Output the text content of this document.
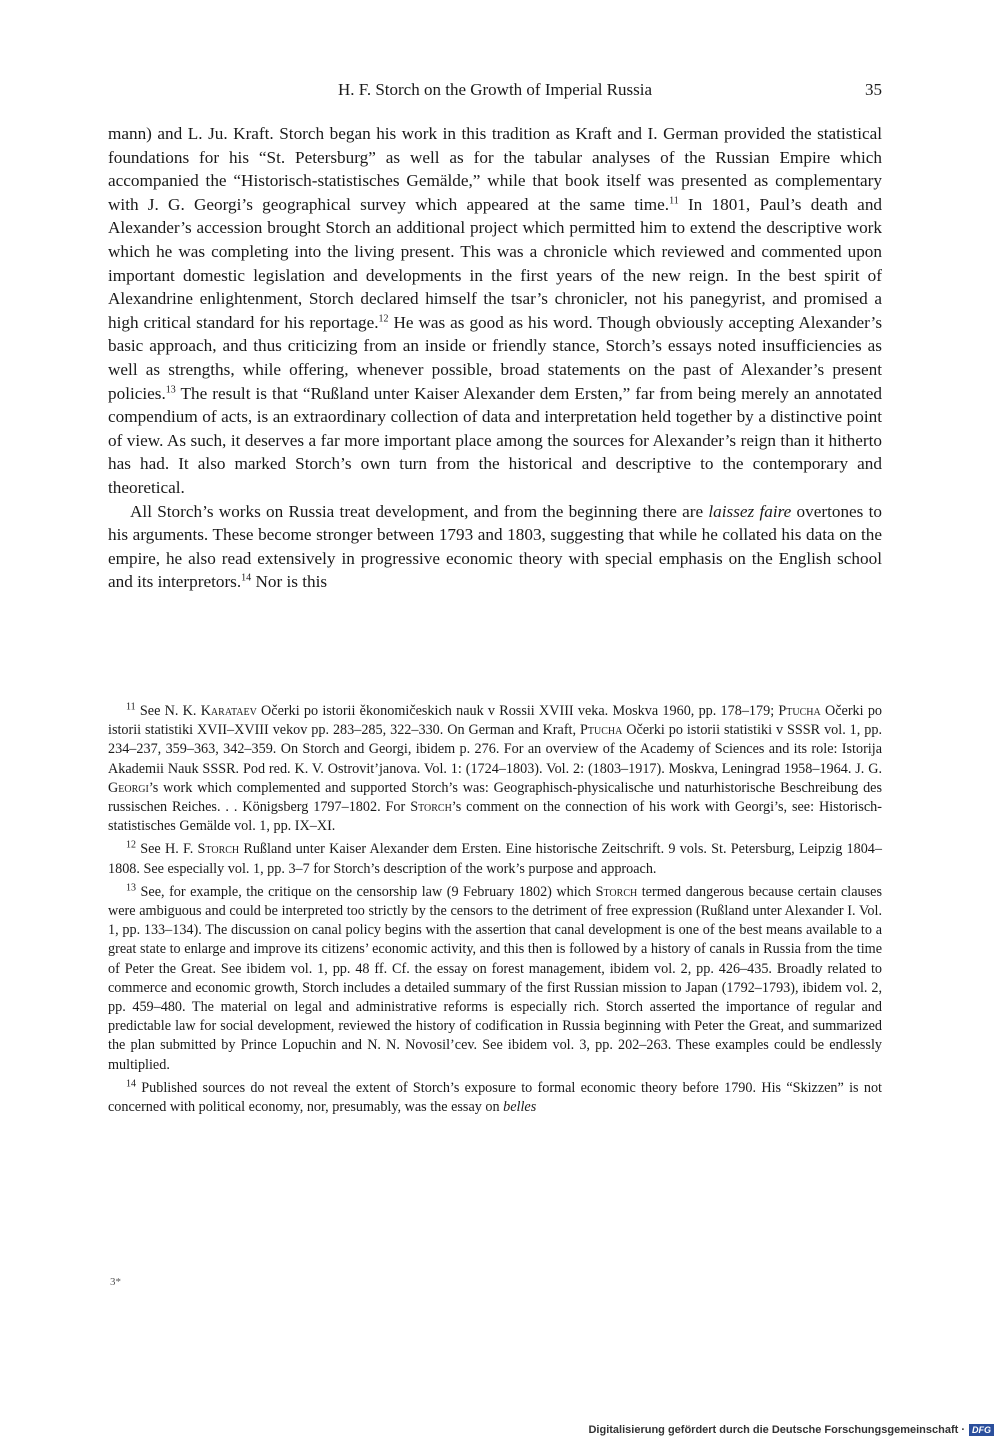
H. F. Storch on the Growth of Imperial Russia	35

mann) and L. Ju. Kraft. Storch began his work in this tradition as Kraft and I. German provided the statistical foundations for his “St. Petersburg” as well as for the tabular analyses of the Russian Empire which accompanied the “Historisch-statistisches Gemälde,” while that book itself was presented as complementary with J. G. Georgi’s geographical survey which appeared at the same time.$^{11}$ In 1801, Paul’s death and Alexander’s accession brought Storch an additional project which permitted him to extend the descriptive work which he was completing into the living present. This was a chronicle which reviewed and commented upon important domestic legislation and developments in the first years of the new reign. In the best spirit of Alexandrine enlightenment, Storch declared himself the tsar’s chronicler, not his panegyrist, and promised a high critical standard for his reportage.$^{12}$ He was as good as his word. Though obviously accepting Alexander’s basic approach, and thus criticizing from an inside or friendly stance, Storch’s essays noted insufficiencies as well as strengths, while offering, whenever possible, broad statements on the past of Alexander’s present policies.$^{13}$ The result is that “Rußland unter Kaiser Alexander dem Ersten,” far from being merely an annotated compendium of acts, is an extraordinary collection of data and interpretation held together by a distinctive point of view. As such, it deserves a far more important place among the sources for Alexander’s reign than it hitherto has had. It also marked Storch’s own turn from the historical and descriptive to the contemporary and theoretical.

All Storch’s works on Russia treat development, and from the beginning there are laissez faire overtones to his arguments. These become stronger between 1793 and 1803, suggesting that while he collated his data on the empire, he also read extensively in progressive economic theory with special emphasis on the English school and its interpretors.$^{14}$ Nor is this

$^{11}$ See N. K. Karataev Očerki po istorii ěkonomičeskich nauk v Rossii XVIII veka. Moskva 1960, pp. 178–179; Ptucha Očerki po istorii statistiki XVII–XVIII vekov pp. 283–285, 322–330. On German and Kraft, Ptucha Očerki po istorii statistiki v SSSR vol. 1, pp. 234–237, 359–363, 342–359. On Storch and Georgi, ibidem p. 276. For an overview of the Academy of Sciences and its role: Istorija Akademii Nauk SSSR. Pod red. K. V. Ostrovit’janova. Vol. 1: (1724–1803). Vol. 2: (1803–1917). Moskva, Leningrad 1958–1964. J. G. Georgi’s work which complemented and supported Storch’s was: Geographisch-physicalische und naturhistorische Beschreibung des russischen Reiches. . . Königsberg 1797–1802. For Storch’s comment on the connection of his work with Georgi’s, see: Historisch-statistisches Gemälde vol. 1, pp. IX–XI.

$^{12}$ See H. F. Storch Rußland unter Kaiser Alexander dem Ersten. Eine historische Zeitschrift. 9 vols. St. Petersburg, Leipzig 1804–1808. See especially vol. 1, pp. 3–7 for Storch’s description of the work’s purpose and approach.

$^{13}$ See, for example, the critique on the censorship law (9 February 1802) which Storch termed dangerous because certain clauses were ambiguous and could be interpreted too strictly by the censors to the detriment of free expression (Rußland unter Alexander I. Vol. 1, pp. 133–134). The discussion on canal policy begins with the assertion that canal development is one of the best means available to a great state to enlarge and improve its citizens’ economic activity, and this then is followed by a history of canals in Russia from the time of Peter the Great. See ibidem vol. 1, pp. 48 ff. Cf. the essay on forest management, ibidem vol. 2, pp. 426–435. Broadly related to commerce and economic growth, Storch includes a detailed summary of the first Russian mission to Japan (1792–1793), ibidem vol. 2, pp. 459–480. The material on legal and administrative reforms is especially rich. Storch asserted the importance of regular and predictable law for social development, reviewed the history of codification in Russia beginning with Peter the Great, and summarized the plan submitted by Prince Lopuchin and N. N. Novosil’cev. See ibidem vol. 3, pp. 202–263. These examples could be endlessly multiplied.

$^{14}$ Published sources do not reveal the extent of Storch’s exposure to formal economic theory before 1790. His “Skizzen” is not concerned with political economy, nor, presumably, was the essay on belles

3*
Digitalisierung gefördert durch die Deutsche Forschungsgemeinschaft · DFG
